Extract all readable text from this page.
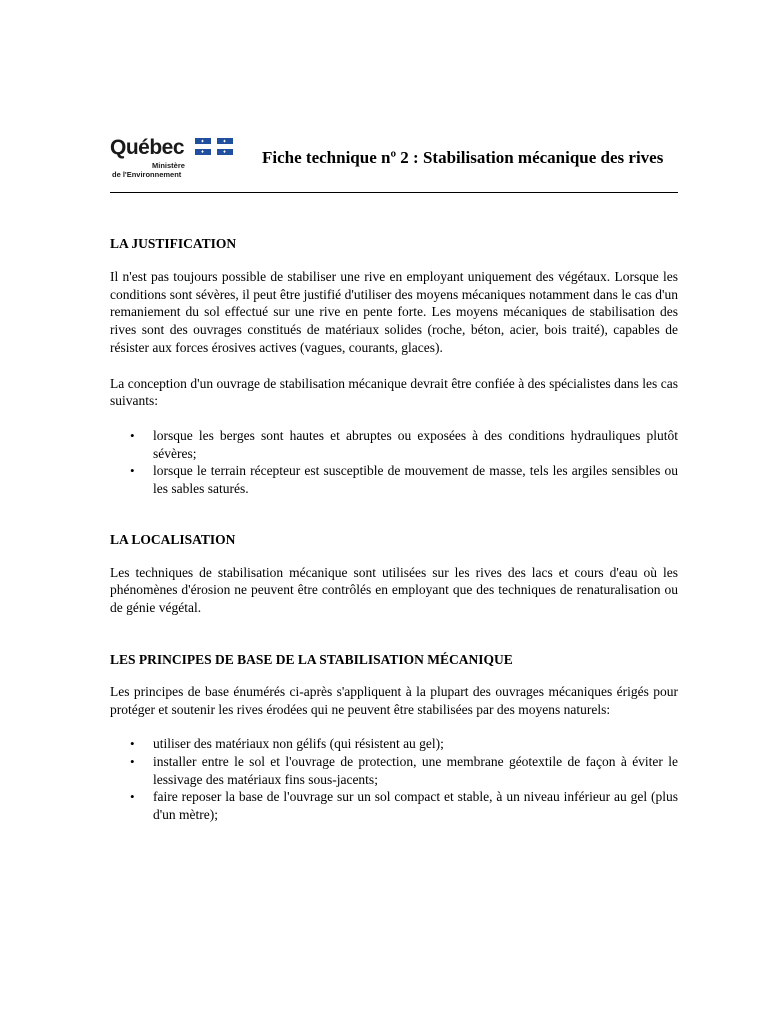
Québec
Ministère
de l'Environnement
Fiche technique nº 2 : Stabilisation mécanique des rives
LA JUSTIFICATION

Il n'est pas toujours possible de stabiliser une rive en employant uniquement des végétaux. Lorsque les conditions sont sévères, il peut être justifié d'utiliser des moyens mécaniques notamment dans le cas d'un remaniement du sol effectué sur une rive en pente forte. Les moyens mécaniques de stabilisation des rives sont des ouvrages constitués de matériaux solides (roche, béton, acier, bois traité), capables de résister aux forces érosives actives (vagues, courants, glaces).

La conception d'un ouvrage de stabilisation mécanique devrait être confiée à des spécialistes dans les cas suivants:

• lorsque les berges sont hautes et abruptes ou exposées à des conditions hydrauliques plutôt sévères;
• lorsque le terrain récepteur est susceptible de mouvement de masse, tels les argiles sensibles ou les sables saturés.
LA LOCALISATION

Les techniques de stabilisation mécanique sont utilisées sur les rives des lacs et cours d'eau où les phénomènes d'érosion ne peuvent être contrôlés en employant que des techniques de renaturalisation ou de génie végétal.

LES PRINCIPES DE BASE DE LA STABILISATION MÉCANIQUE

Les principes de base énumérés ci-après s'appliquent à la plupart des ouvrages mécaniques érigés pour protéger et soutenir les rives érodées qui ne peuvent être stabilisées par des moyens naturels:

• utiliser des matériaux non gélifs (qui résistent au gel);
• installer entre le sol et l'ouvrage de protection, une membrane géotextile de façon à éviter le lessivage des matériaux fins sous-jacents;
• faire reposer la base de l'ouvrage sur un sol compact et stable, à un niveau inférieur au gel (plus d'un mètre);
